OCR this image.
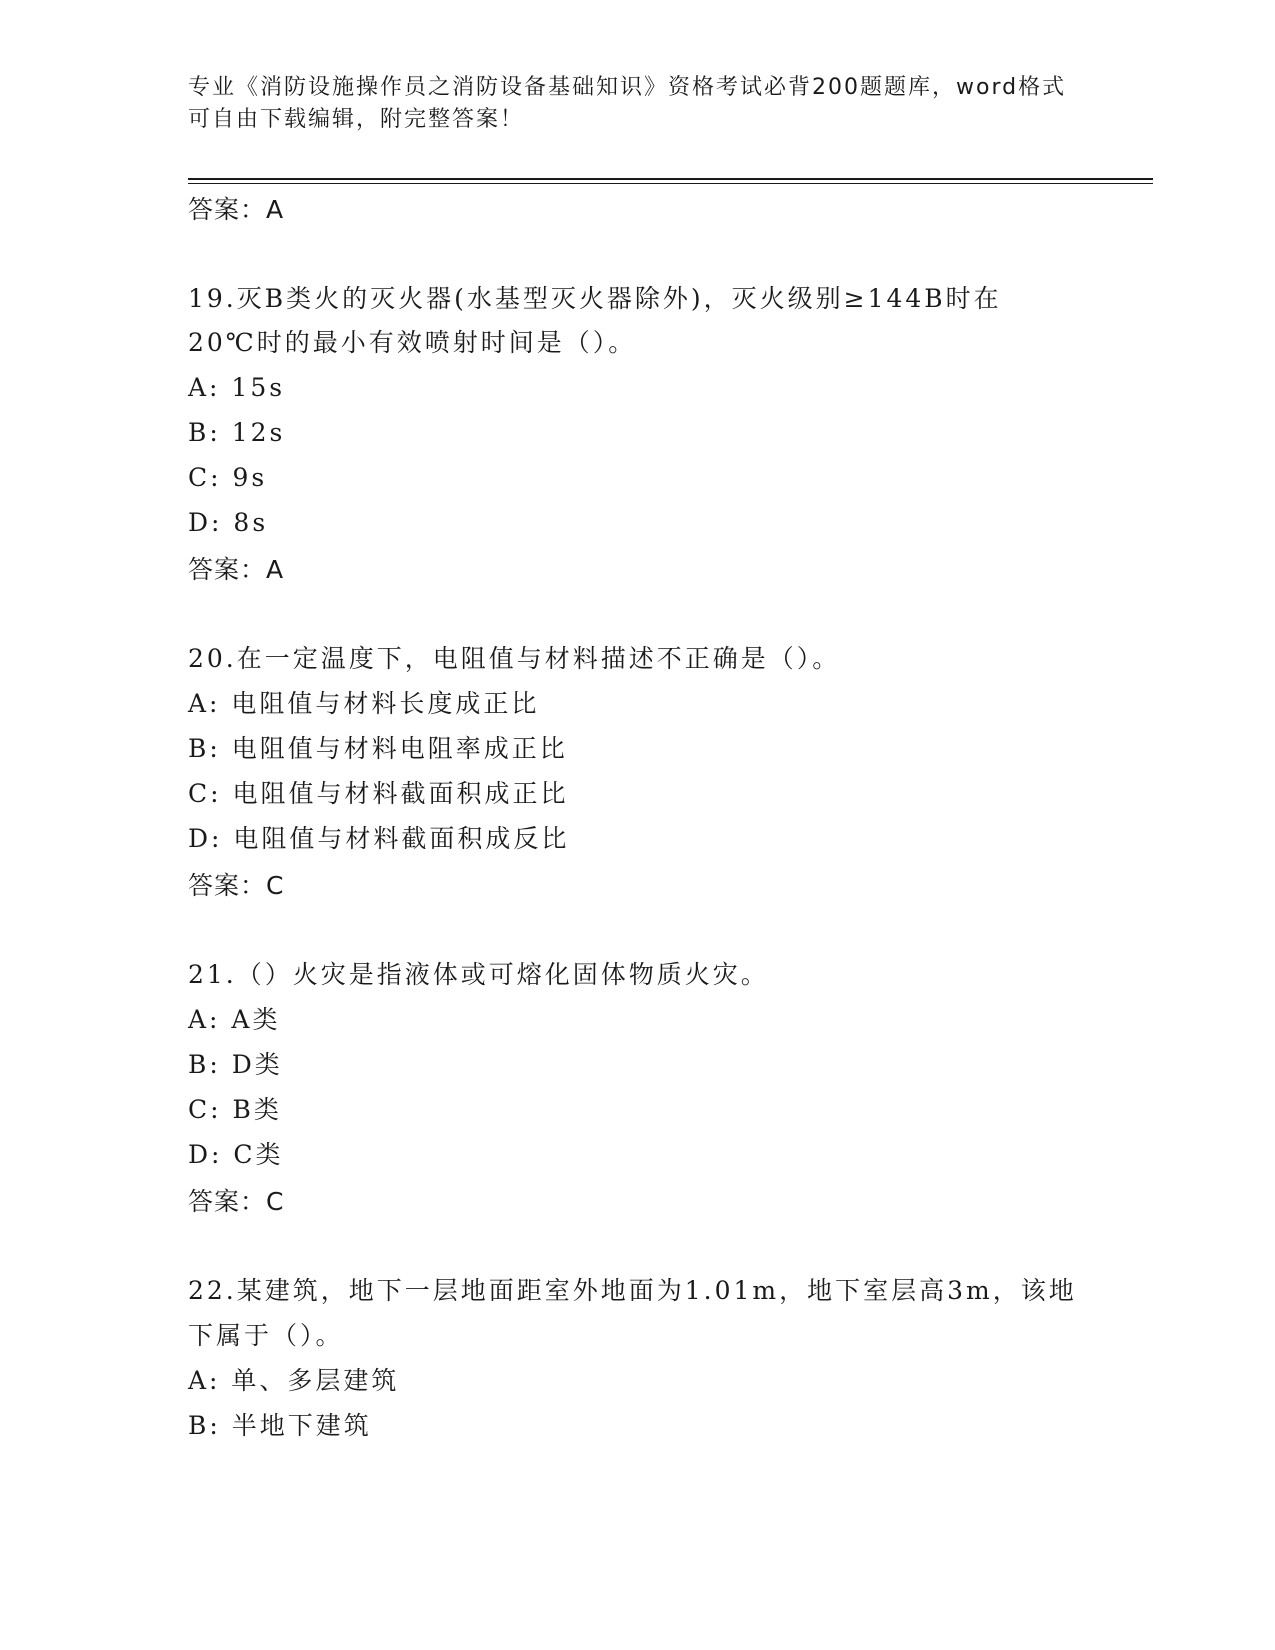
专业《消防设施操作员之消防设备基础知识》资格考试必背200题题库，word格式可自由下载编辑，附完整答案！
答案：A
19.灭B类火的灭火器(水基型灭火器除外)，灭火级别≥144B时在
20℃时的最小有效喷射时间是（）。
A: 15s
B: 12s
C: 9s
D: 8s
答案：A
20.在一定温度下，电阻值与材料描述不正确是（）。
A: 电阻值与材料长度成正比
B: 电阻值与材料电阻率成正比
C: 电阻值与材料截面积成正比
D: 电阻值与材料截面积成反比
答案：C
21.（）火灾是指液体或可熔化固体物质火灾。
A: A类
B: D类
C: B类
D: C类
答案：C
22.某建筑，地下一层地面距室外地面为1.01m，地下室层高3m，该地
下属于（）。
A: 单、多层建筑
B: 半地下建筑
